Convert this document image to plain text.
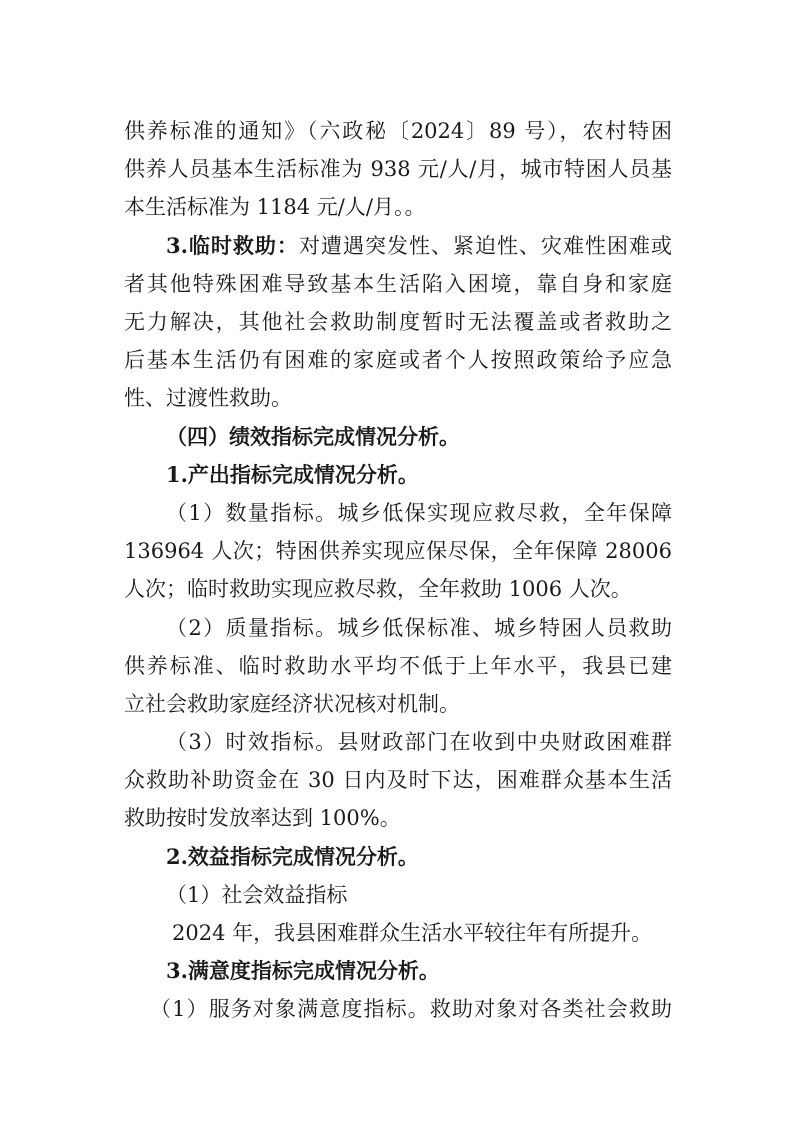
供养标准的通知》（六政秘〔2024〕89 号），农村特困
供养人员基本生活标准为 938 元/人/月，城市特困人员基
本生活标准为 1184 元/人/月。。
3.临时救助：对遭遇突发性、紧迫性、灾难性困难或
者其他特殊困难导致基本生活陷入困境，靠自身和家庭
无力解决，其他社会救助制度暂时无法覆盖或者救助之
后基本生活仍有困难的家庭或者个人按照政策给予应急
性、过渡性救助。
（四）绩效指标完成情况分析。
1.产出指标完成情况分析。
（1）数量指标。城乡低保实现应救尽救，全年保障
136964 人次；特困供养实现应保尽保，全年保障 28006
人次；临时救助实现应救尽救，全年救助 1006 人次。
（2）质量指标。城乡低保标准、城乡特困人员救助
供养标准、临时救助水平均不低于上年水平，我县已建
立社会救助家庭经济状况核对机制。
（3）时效指标。县财政部门在收到中央财政困难群
众救助补助资金在 30 日内及时下达，困难群众基本生活
救助按时发放率达到 100%。
2.效益指标完成情况分析。
（1）社会效益指标
2024 年，我县困难群众生活水平较往年有所提升。
3.满意度指标完成情况分析。
（1）服务对象满意度指标。救助对象对各类社会救助
